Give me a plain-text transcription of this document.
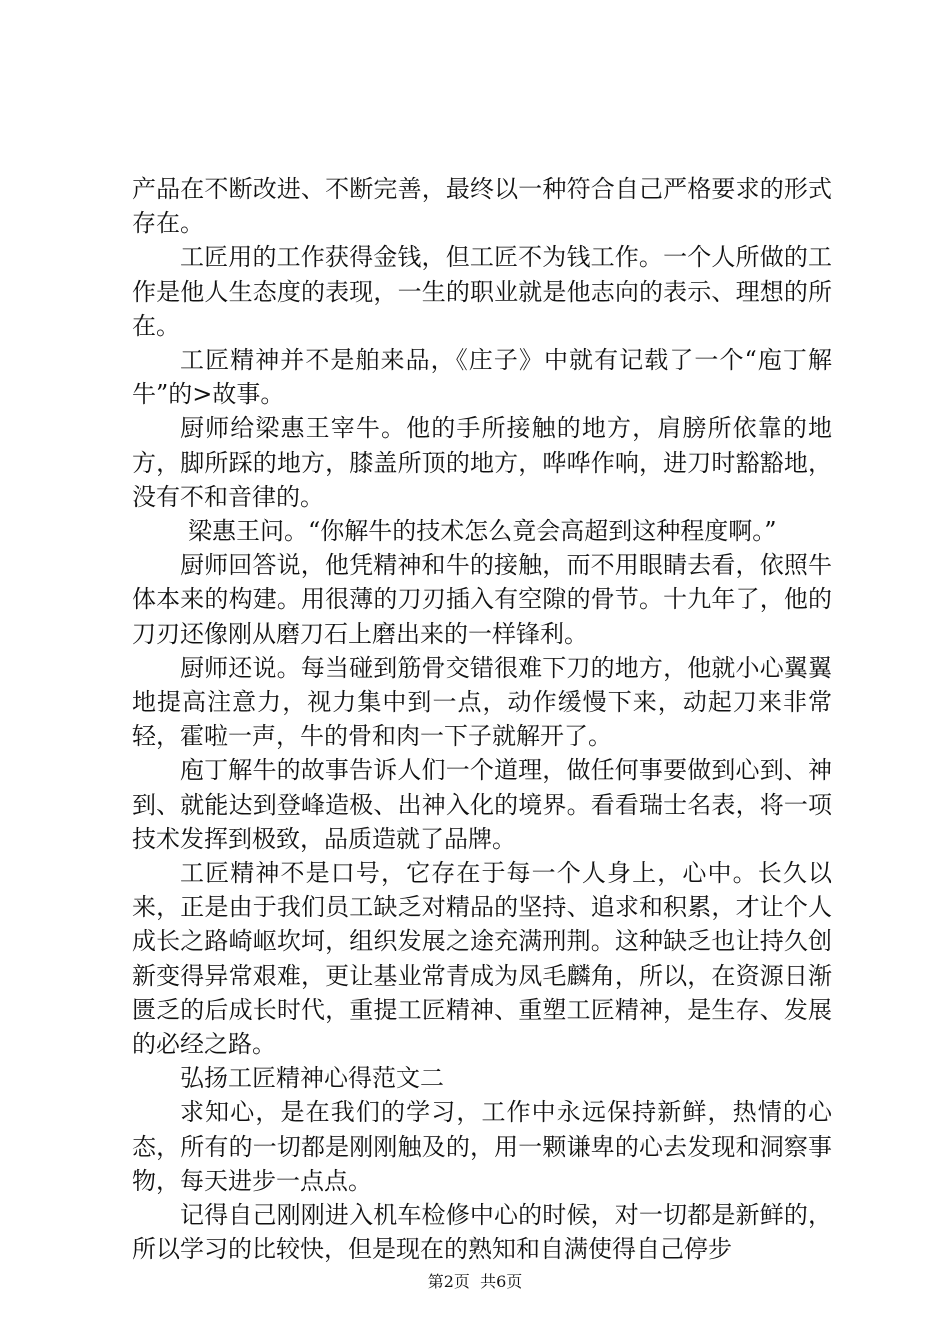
产品在不断改进、不断完善，最终以一种符合自己严格要求的形式存在。

工匠用的工作获得金钱，但工匠不为钱工作。一个人所做的工作是他人生态度的表现，一生的职业就是他志向的表示、理想的所在。

工匠精神并不是舶来品，《庄子》中就有记载了一个“庖丁解牛”的>故事。

厨师给梁惠王宰牛。他的手所接触的地方，肩膀所依靠的地方，脚所踩的地方，膝盖所顶的地方，哗哗作响，进刀时豁豁地，没有不和音律的。

梁惠王问。“你解牛的技术怎么竟会高超到这种程度啊。”

厨师回答说，他凭精神和牛的接触，而不用眼睛去看，依照牛体本来的构建。用很薄的刀刃插入有空隙的骨节。十九年了，他的刀刃还像刚从磨刀石上磨出来的一样锋利。

厨师还说。每当碰到筋骨交错很难下刀的地方，他就小心翼翼地提高注意力，视力集中到一点，动作缓慢下来，动起刀来非常轻，霍啦一声，牛的骨和肉一下子就解开了。

庖丁解牛的故事告诉人们一个道理，做任何事要做到心到、神到、就能达到登峰造极、出神入化的境界。看看瑞士名表，将一项技术发挥到极致，品质造就了品牌。

工匠精神不是口号，它存在于每一个人身上，心中。长久以来，正是由于我们员工缺乏对精品的坚持、追求和积累，才让个人成长之路崎岖坎坷，组织发展之途充满刑荆。这种缺乏也让持久创新变得异常艰难，更让基业常青成为凤毛麟角，所以，在资源日渐匮乏的后成长时代，重提工匠精神、重塑工匠精神，是生存、发展的必经之路。

弘扬工匠精神心得范文二

求知心，是在我们的学习，工作中永远保持新鲜，热情的心态，所有的一切都是刚刚触及的，用一颗谦卑的心去发现和洞察事物，每天进步一点点。

记得自己刚刚进入机车检修中心的时候，对一切都是新鲜的，所以学习的比较快，但是现在的熟知和自满使得自己停步

第2页  共6页
